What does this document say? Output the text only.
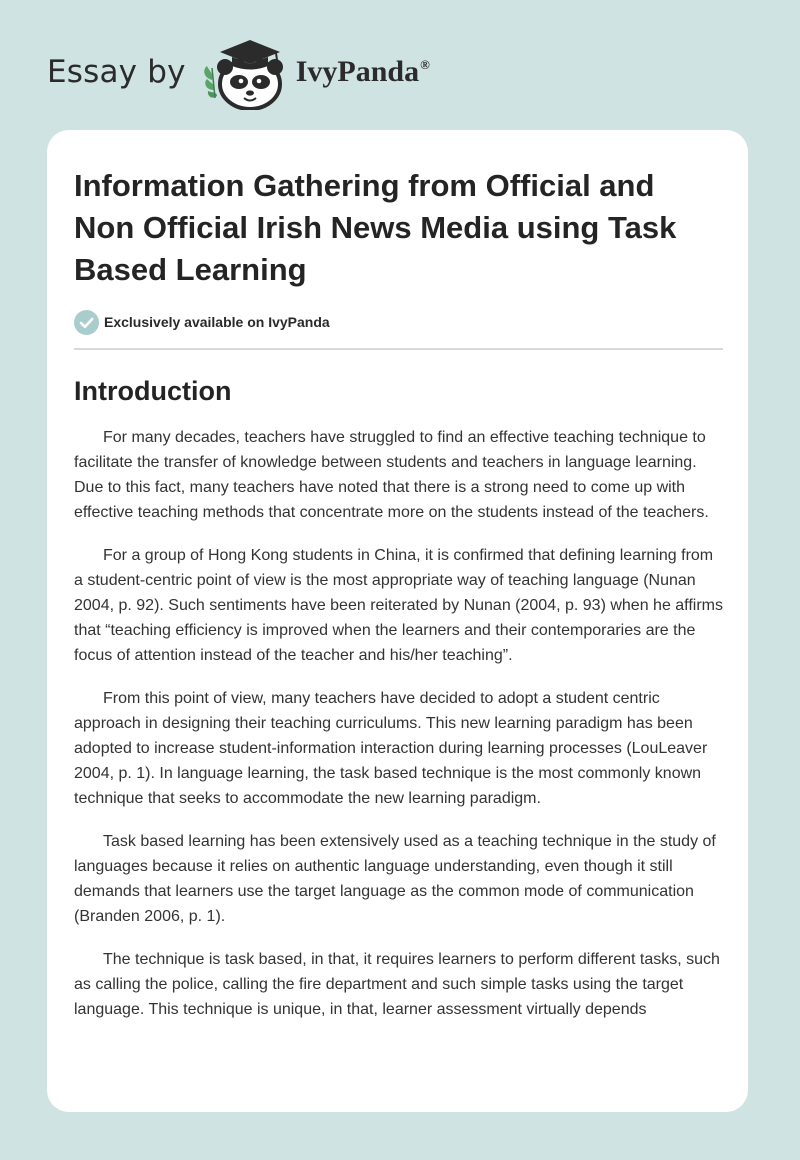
Essay by	IvyPanda ®
Information Gathering from Official and Non Official Irish News Media using Task Based Learning
Exclusively available on IvyPanda
Introduction

For many decades, teachers have struggled to find an effective teaching technique to facilitate the transfer of knowledge between students and teachers in language learning. Due to this fact, many teachers have noted that there is a strong need to come up with effective teaching methods that concentrate more on the students instead of the teachers.

For a group of Hong Kong students in China, it is confirmed that defining learning from a student-centric point of view is the most appropriate way of teaching language (Nunan 2004, p. 92). Such sentiments have been reiterated by Nunan (2004, p. 93) when he affirms that “teaching efficiency is improved when the learners and their contemporaries are the focus of attention instead of the teacher and his/her teaching”.

From this point of view, many teachers have decided to adopt a student centric approach in designing their teaching curriculums. This new learning paradigm has been adopted to increase student-information interaction during learning processes (LouLeaver 2004, p. 1). In language learning, the task based technique is the most commonly known technique that seeks to accommodate the new learning paradigm.

Task based learning has been extensively used as a teaching technique in the study of languages because it relies on authentic language understanding, even though it still demands that learners use the target language as the common mode of communication (Branden 2006, p. 1).

The technique is task based, in that, it requires learners to perform different tasks, such as calling the police, calling the fire department and such simple tasks using the target language. This technique is unique, in that, learner assessment virtually depends
